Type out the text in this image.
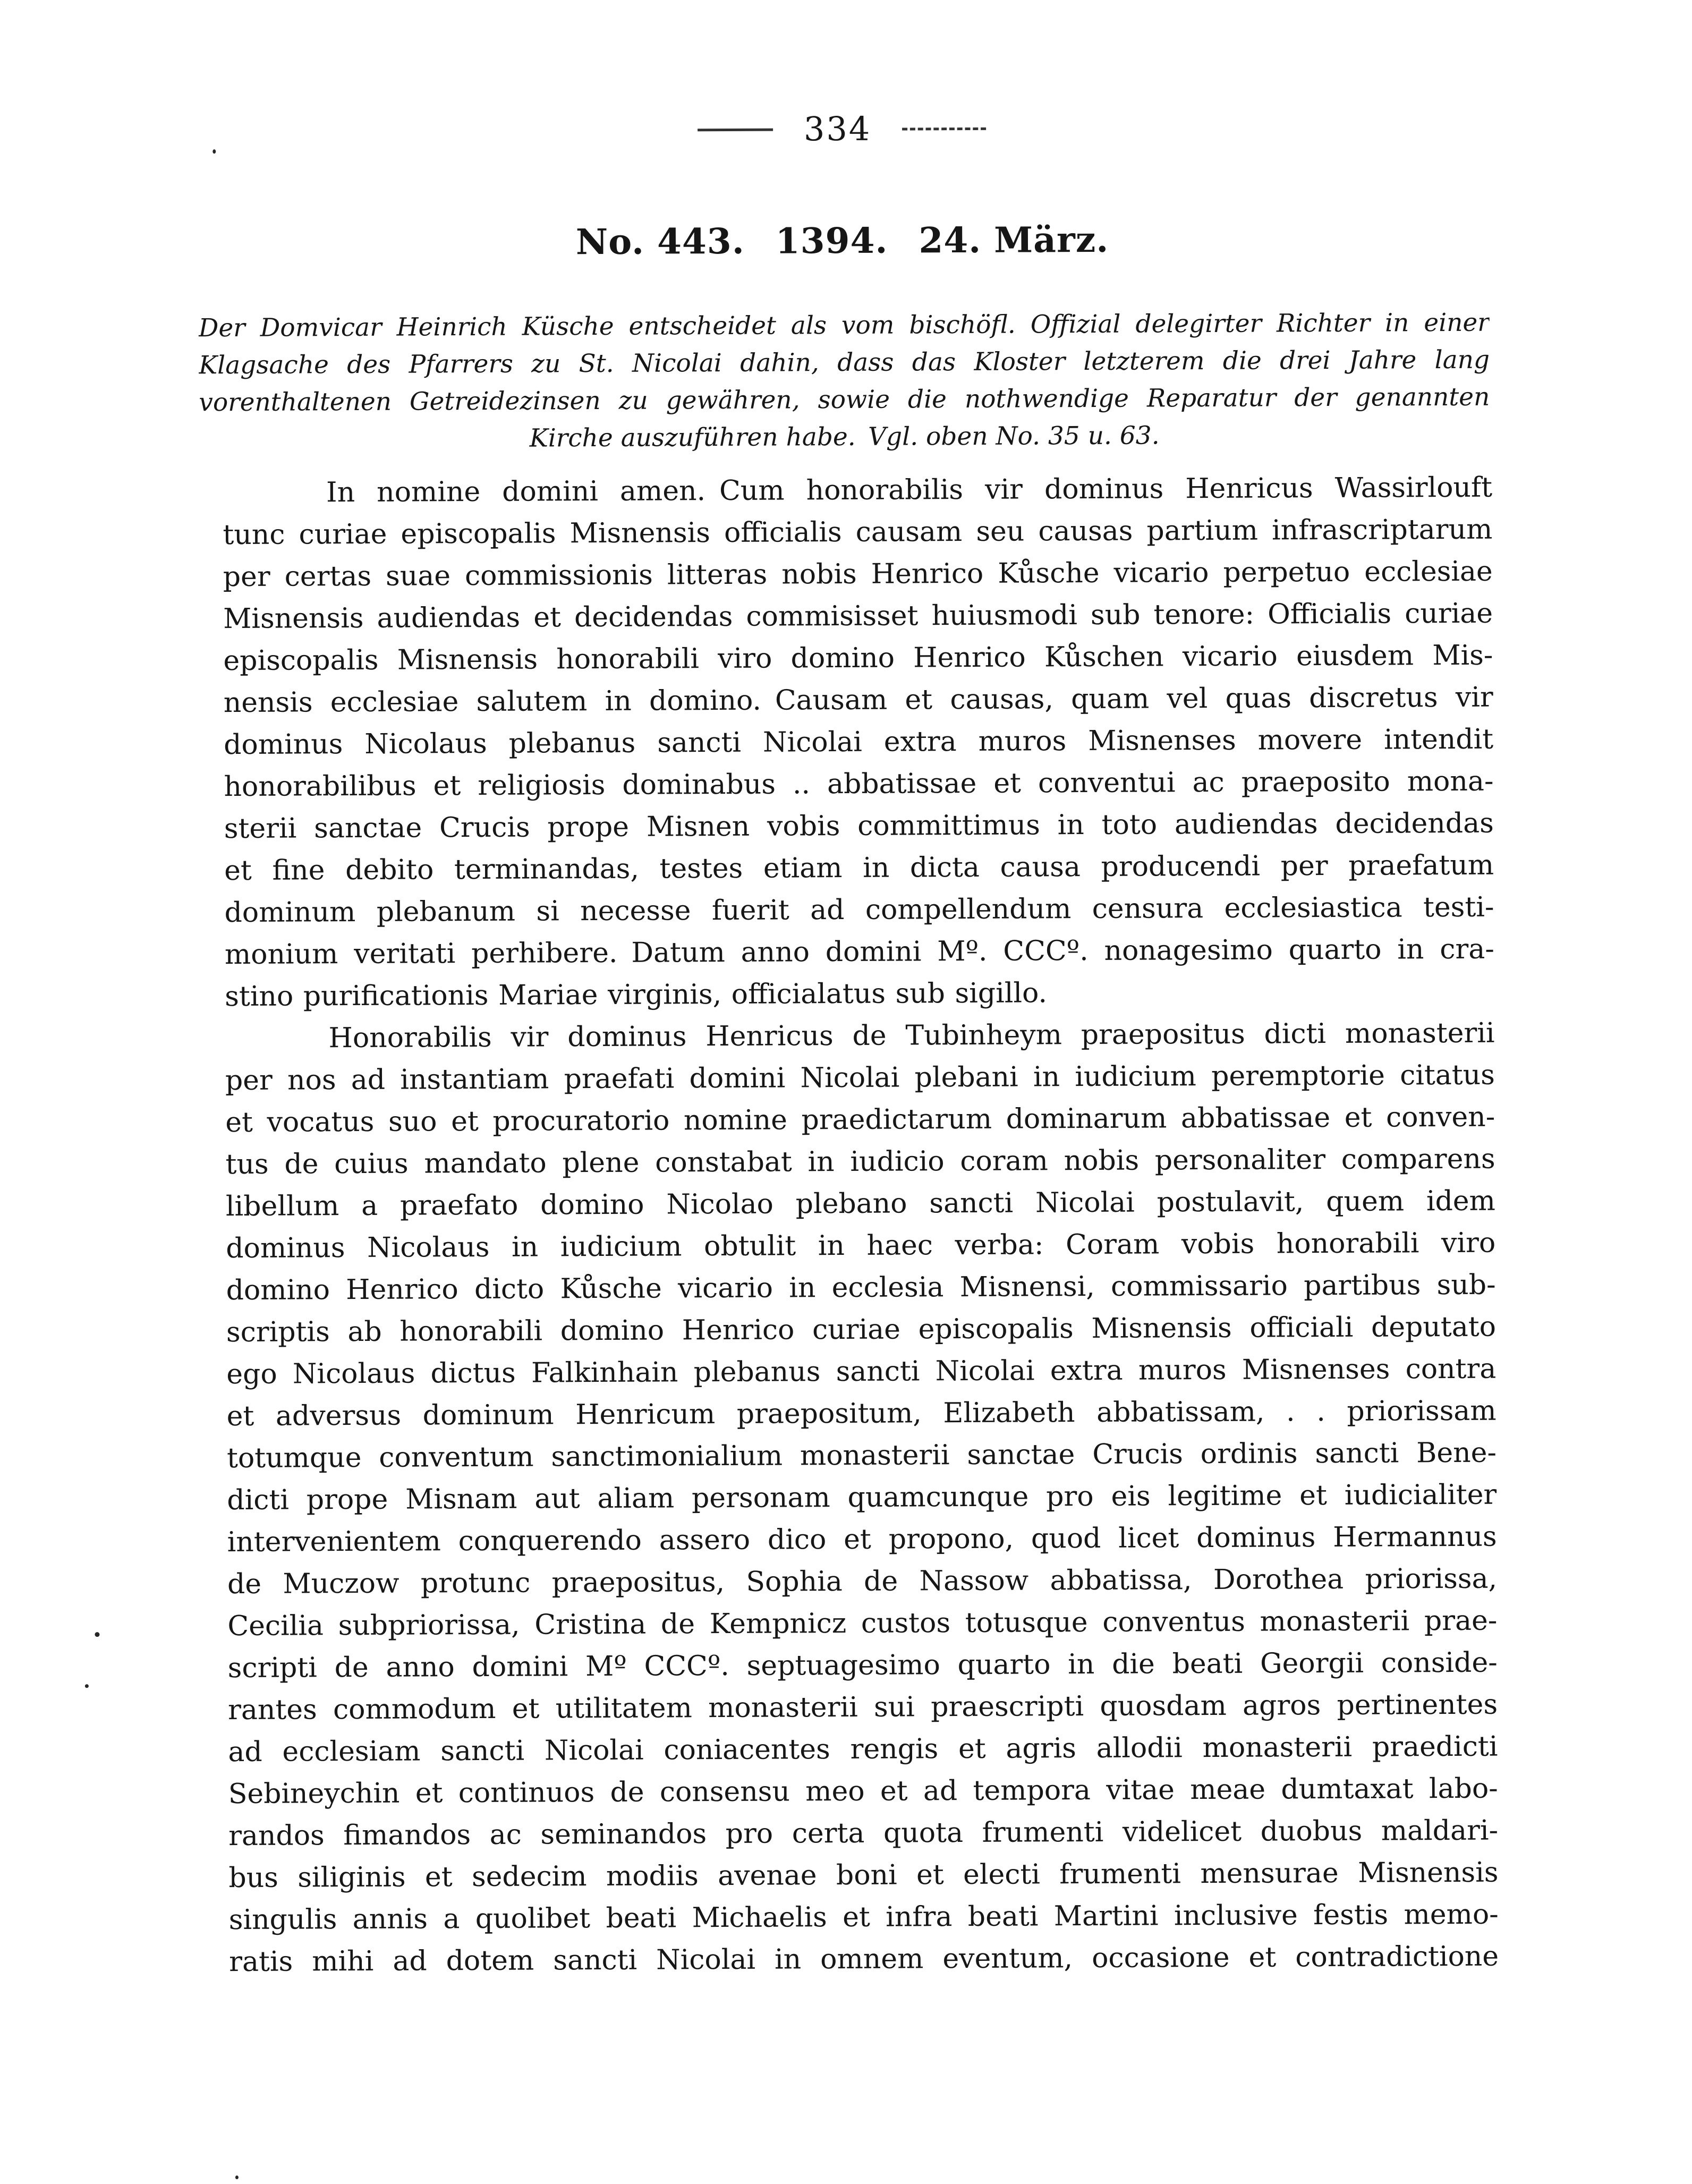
334
No. 443.  1394.  24. März.
Der Domvicar Heinrich Küsche entscheidet als vom bischöfl. Offizial delegirter Richter in einer
Klagsache des Pfarrers zu St. Nicolai dahin, dass das Kloster letzterem die drei Jahre lang
vorenthaltenen Getreidezinsen zu gewähren, sowie die nothwendige Reparatur der genannten
Kirche auszuführen habe. Vgl. oben No. 35 u. 63.
In nomine domini amen. Cum honorabilis vir dominus Henricus Wassirlouft
tunc curiae episcopalis Misnensis officialis causam seu causas partium infrascriptarum
per certas suae commissionis litteras nobis Henrico Kůsche vicario perpetuo ecclesiae
Misnensis audiendas et decidendas commisisset huiusmodi sub tenore: Officialis curiae
episcopalis Misnensis honorabili viro domino Henrico Kůschen vicario eiusdem Mis-
nensis ecclesiae salutem in domino. Causam et causas, quam vel quas discretus vir
dominus Nicolaus plebanus sancti Nicolai extra muros Misnenses movere intendit
honorabilibus et religiosis dominabus .. abbatissae et conventui ac praeposito mona-
sterii sanctae Crucis prope Misnen vobis committimus in toto audiendas decidendas
et fine debito terminandas, testes etiam in dicta causa producendi per praefatum
dominum plebanum si necesse fuerit ad compellendum censura ecclesiastica testi-
monium veritati perhibere. Datum anno domini Mº. CCCº. nonagesimo quarto in cra-
stino purificationis Mariae virginis, officialatus sub sigillo.
Honorabilis vir dominus Henricus de Tubinheym praepositus dicti monasterii
per nos ad instantiam praefati domini Nicolai plebani in iudicium peremptorie citatus
et vocatus suo et procuratorio nomine praedictarum dominarum abbatissae et conven-
tus de cuius mandato plene constabat in iudicio coram nobis personaliter comparens
libellum a praefato domino Nicolao plebano sancti Nicolai postulavit, quem idem
dominus Nicolaus in iudicium obtulit in haec verba: Coram vobis honorabili viro
domino Henrico dicto Kůsche vicario in ecclesia Misnensi, commissario partibus sub-
scriptis ab honorabili domino Henrico curiae episcopalis Misnensis officiali deputato
ego Nicolaus dictus Falkinhain plebanus sancti Nicolai extra muros Misnenses contra
et adversus dominum Henricum praepositum, Elizabeth abbatissam, . . priorissam
totumque conventum sanctimonialium monasterii sanctae Crucis ordinis sancti Bene-
dicti prope Misnam aut aliam personam quamcunque pro eis legitime et iudicialiter
intervenientem conquerendo assero dico et propono, quod licet dominus Hermannus
de Muczow protunc praepositus, Sophia de Nassow abbatissa, Dorothea priorissa,
Cecilia subpriorissa, Cristina de Kempnicz custos totusque conventus monasterii prae-
scripti de anno domini Mº CCCº. septuagesimo quarto in die beati Georgii conside-
rantes commodum et utilitatem monasterii sui praescripti quosdam agros pertinentes
ad ecclesiam sancti Nicolai coniacentes rengis et agris allodii monasterii praedicti
Sebineychin et continuos de consensu meo et ad tempora vitae meae dumtaxat labo-
randos fimandos ac seminandos pro certa quota frumenti videlicet duobus maldari-
bus siliginis et sedecim modiis avenae boni et electi frumenti mensurae Misnensis
singulis annis a quolibet beati Michaelis et infra beati Martini inclusive festis memo-
ratis mihi ad dotem sancti Nicolai in omnem eventum, occasione et contradictione
